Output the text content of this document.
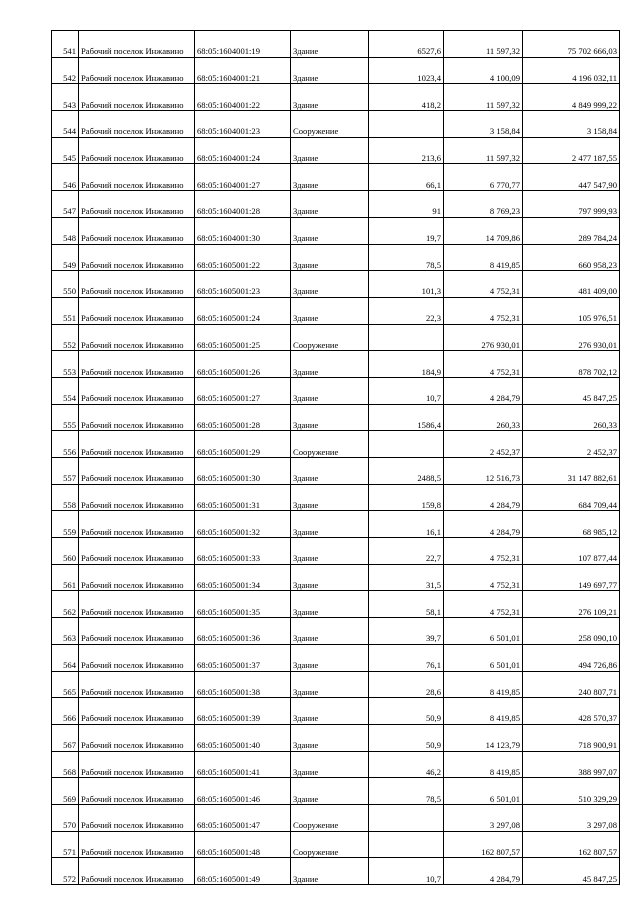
541	Рабочий поселок Инжавино	68:05:1604001:19	Здание	6527,6	11 597,32	75 702 666,03
542	Рабочий поселок Инжавино	68:05:1604001:21	Здание	1023,4	4 100,09	4 196 032,11
543	Рабочий поселок Инжавино	68:05:1604001:22	Здание	418,2	11 597,32	4 849 999,22
544	Рабочий поселок Инжавино	68:05:1604001:23	Сооружение		3 158,84	3 158,84
545	Рабочий поселок Инжавино	68:05:1604001:24	Здание	213,6	11 597,32	2 477 187,55
546	Рабочий поселок Инжавино	68:05:1604001:27	Здание	66,1	6 770,77	447 547,90
547	Рабочий поселок Инжавино	68:05:1604001:28	Здание	91	8 769,23	797 999,93
548	Рабочий поселок Инжавино	68:05:1604001:30	Здание	19,7	14 709,86	289 784,24
549	Рабочий поселок Инжавино	68:05:1605001:22	Здание	78,5	8 419,85	660 958,23
550	Рабочий поселок Инжавино	68:05:1605001:23	Здание	101,3	4 752,31	481 409,00
551	Рабочий поселок Инжавино	68:05:1605001:24	Здание	22,3	4 752,31	105 976,51
552	Рабочий поселок Инжавино	68:05:1605001:25	Сооружение		276 930,01	276 930,01
553	Рабочий поселок Инжавино	68:05:1605001:26	Здание	184,9	4 752,31	878 702,12
554	Рабочий поселок Инжавино	68:05:1605001:27	Здание	10,7	4 284,79	45 847,25
555	Рабочий поселок Инжавино	68:05:1605001:28	Здание	1586,4	260,33	260,33
556	Рабочий поселок Инжавино	68:05:1605001:29	Сооружение		2 452,37	2 452,37
557	Рабочий поселок Инжавино	68:05:1605001:30	Здание	2488,5	12 516,73	31 147 882,61
558	Рабочий поселок Инжавино	68:05:1605001:31	Здание	159,8	4 284,79	684 709,44
559	Рабочий поселок Инжавино	68:05:1605001:32	Здание	16,1	4 284,79	68 985,12
560	Рабочий поселок Инжавино	68:05:1605001:33	Здание	22,7	4 752,31	107 877,44
561	Рабочий поселок Инжавино	68:05:1605001:34	Здание	31,5	4 752,31	149 697,77
562	Рабочий поселок Инжавино	68:05:1605001:35	Здание	58,1	4 752,31	276 109,21
563	Рабочий поселок Инжавино	68:05:1605001:36	Здание	39,7	6 501,01	258 090,10
564	Рабочий поселок Инжавино	68:05:1605001:37	Здание	76,1	6 501,01	494 726,86
565	Рабочий поселок Инжавино	68:05:1605001:38	Здание	28,6	8 419,85	240 807,71
566	Рабочий поселок Инжавино	68:05:1605001:39	Здание	50,9	8 419,85	428 570,37
567	Рабочий поселок Инжавино	68:05:1605001:40	Здание	50,9	14 123,79	718 900,91
568	Рабочий поселок Инжавино	68:05:1605001:41	Здание	46,2	8 419,85	388 997,07
569	Рабочий поселок Инжавино	68:05:1605001:46	Здание	78,5	6 501,01	510 329,29
570	Рабочий поселок Инжавино	68:05:1605001:47	Сооружение		3 297,08	3 297,08
571	Рабочий поселок Инжавино	68:05:1605001:48	Сооружение		162 807,57	162 807,57
572	Рабочий поселок Инжавино	68:05:1605001:49	Здание	10,7	4 284,79	45 847,25
